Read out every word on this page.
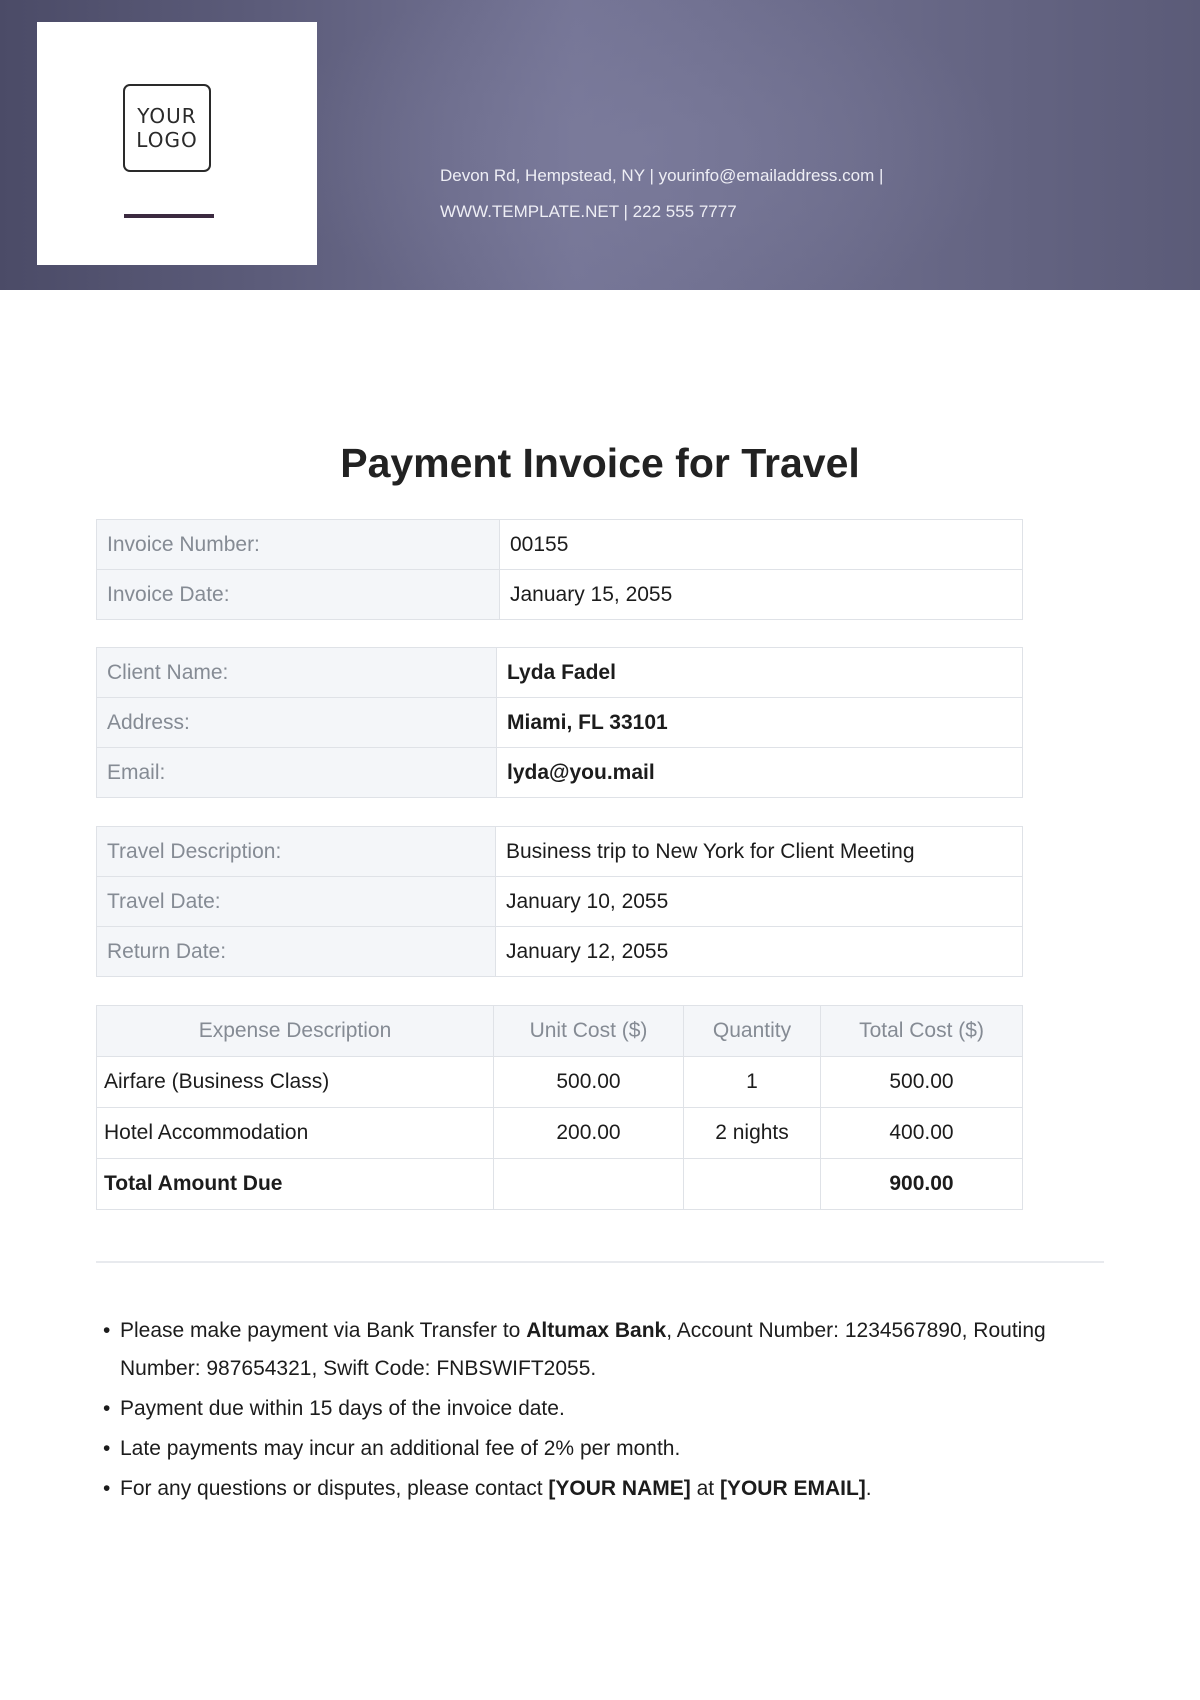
YOUR
LOGO
Devon Rd, Hempstead, NY | yourinfo@emailaddress.com |
WWW.TEMPLATE.NET | 222 555 7777
Payment Invoice for Travel
Invoice Number:	00155
Invoice Date:	January 15, 2055
Client Name:	Lyda Fadel
Address:	Miami, FL 33101
Email:	lyda@you.mail
Travel Description:	Business trip to New York for Client Meeting
Travel Date:	January 10, 2055
Return Date:	January 12, 2055
Expense Description	Unit Cost ($)	Quantity	Total Cost ($)
Airfare (Business Class)	500.00	1	500.00
Hotel Accommodation	200.00	2 nights	400.00
Total Amount Due			900.00
• Please make payment via Bank Transfer to Altumax Bank, Account Number: 1234567890, Routing Number: 987654321, Swift Code: FNBSWIFT2055.
• Payment due within 15 days of the invoice date.
• Late payments may incur an additional fee of 2% per month.
• For any questions or disputes, please contact [YOUR NAME] at [YOUR EMAIL].
